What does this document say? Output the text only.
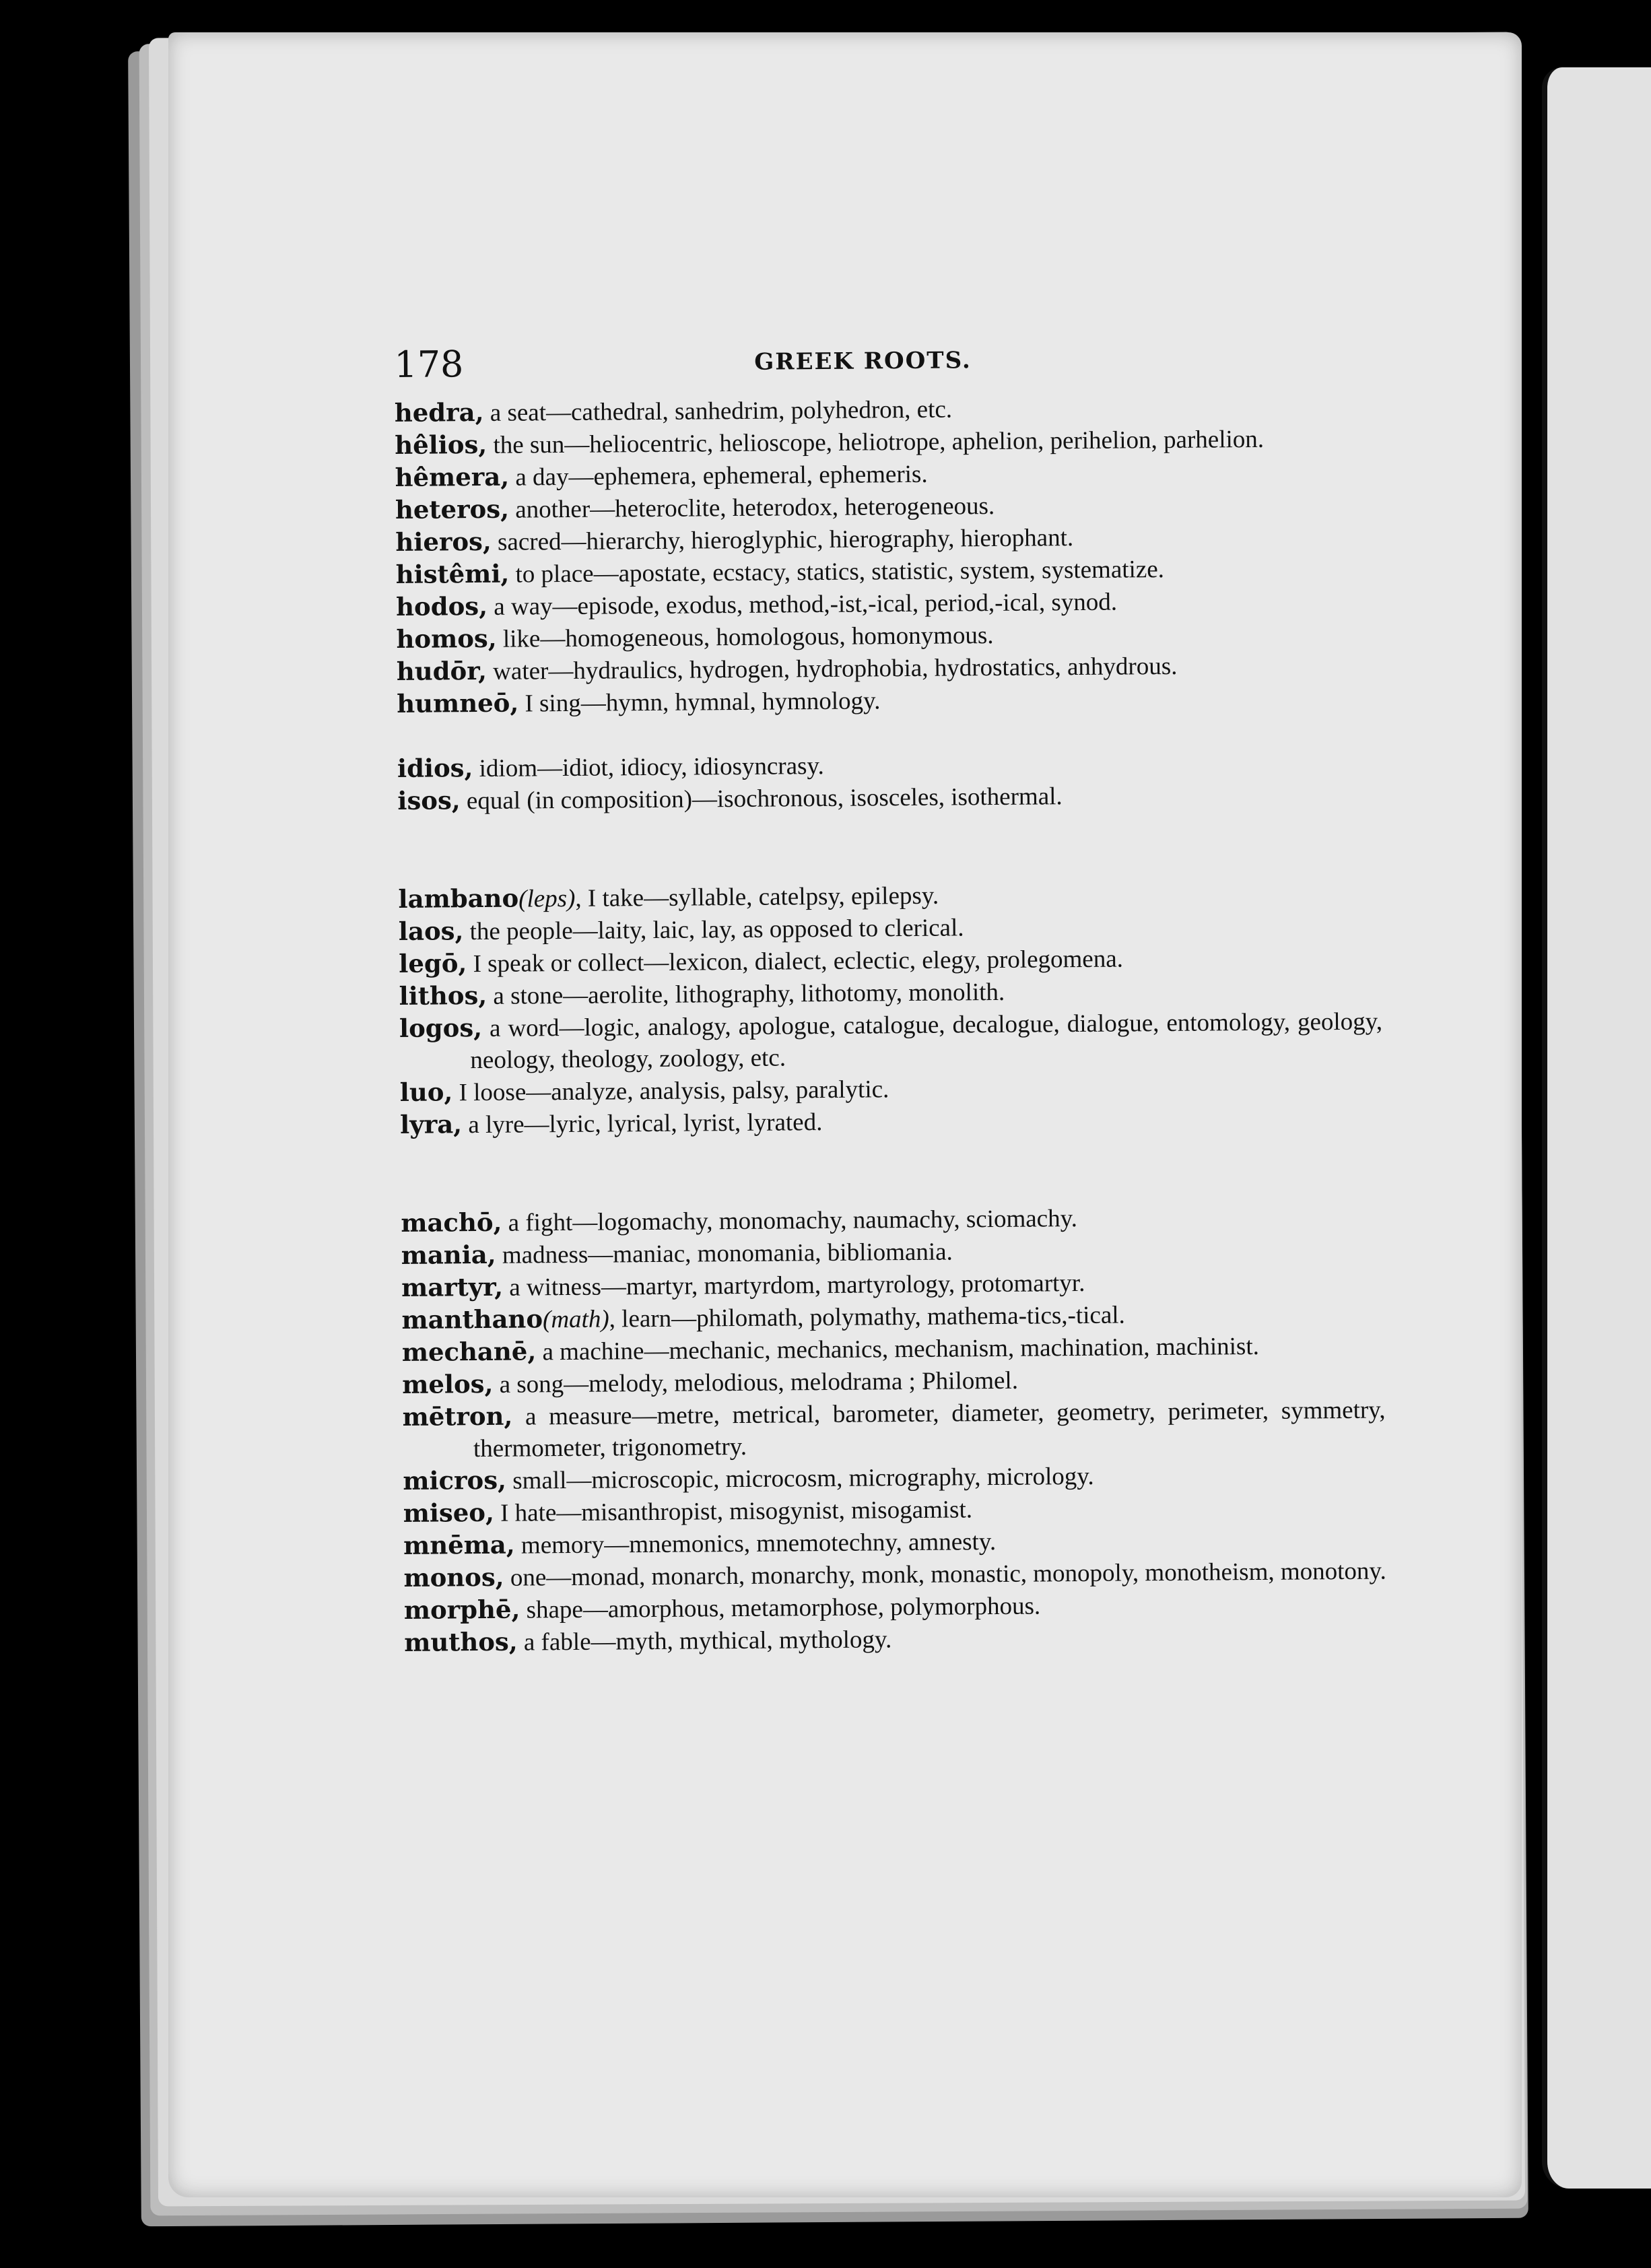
178	GREEK ROOTS.

hedra, a seat—cathedral, sanhedrim, polyhedron, etc.

hêlios, the sun—heliocentric, helioscope, heliotrope, aphelion, perihelion, parhelion.

hêmera, a day—ephemera, ephemeral, ephemeris.

heteros, another—heteroclite, heterodox, heterogeneous.

hieros, sacred—hierarchy, hieroglyphic, hierography, hierophant.

histêmi, to place—apostate, ecstacy, statics, statistic, system, systematize.

hodos, a way—episode, exodus, method,-ist,-ical, period,-ical, synod.

homos, like—homogeneous, homologous, homonymous.

hudōr, water—hydraulics, hydrogen, hydrophobia, hydrostatics, anhydrous.

humneō, I sing—hymn, hymnal, hymnology.

idios, idiom—idiot, idiocy, idiosyncrasy.

isos, equal (in composition)—isochronous, isosceles, isothermal.

lambano(leps), I take—syllable, catelpsy, epilepsy.

laos, the people—laity, laic, lay, as opposed to clerical.

legō, I speak or collect—lexicon, dialect, eclectic, elegy, prolegomena.

lithos, a stone—aerolite, lithography, lithotomy, monolith.

logos, a word—logic, analogy, apologue, catalogue, decalogue, dialogue, entomology, geology, neology, theology, zoology, etc.

luo, I loose—analyze, analysis, palsy, paralytic.

lyra, a lyre—lyric, lyrical, lyrist, lyrated.

machō, a fight—logomachy, monomachy, naumachy, sciomachy.

mania, madness—maniac, monomania, bibliomania.

martyr, a witness—martyr, martyrdom, martyrology, protomartyr.

manthano(math), learn—philomath, polymathy, mathema-tics,-tical.

mechanē, a machine—mechanic, mechanics, mechanism, machination, machinist.

melos, a song—melody, melodious, melodrama ; Philomel.

mētron, a measure—metre, metrical, barometer, diameter, geometry, perimeter, symmetry, thermometer, trigonometry.

micros, small—microscopic, microcosm, micrography, micrology.

miseo, I hate—misanthropist, misogynist, misogamist.

mnēma, memory—mnemonics, mnemotechny, amnesty.

monos, one—monad, monarch, monarchy, monk, monastic, monopoly, monotheism, monotony.

morphē, shape—amorphous, metamorphose, polymorphous.

muthos, a fable—myth, mythical, mythology.
